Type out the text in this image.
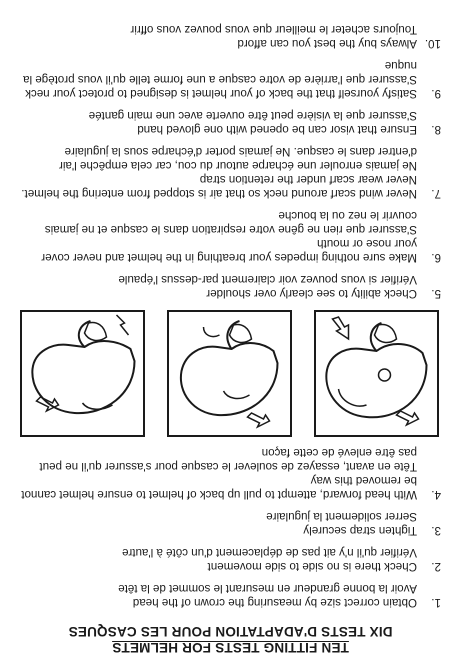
TEN FITTING TESTS FOR HELMETS
DIX TESTS D'ADAPTATION POUR LES CASQUES
1.
Obtain correct size by measuring the crown of the head
Avoir la bonne grandeur en mesurant le sommet de la tête
2.
Check there is no side to side movement
Vérifier qu'il n'y ait pas de déplacement d'un côté à l'autre
3.
Tighten strap securely
Serrer solidement la jugulaire
4.
With head forward, attempt to pull up back of helmet to ensure helmet cannot be removed this way
Tête en avant, essayez de soulever le casque pour s'assurer qu'il ne peut pas être enlevé de cette façon
5.
Check ability to see clearly over shoulder
Vérifier si vous pouvez voir clairement par-dessus l'épaule
6.
Make sure nothing impedes your breathing in the helmet and never cover your nose or mouth
S'assurer que rien ne gêne votre respiration dans le casque et ne jamais couvrir le nez ou la bouche
7.
Never wind scarf around neck so that air is stopped from entering the helmet. Never wear scarf under the retention strap
Ne jamais enrouler une écharpe autour du cou, car cela empêche l'air d'entrer dans le casque. Ne jamais porter d'écharpe sous la jugulaire
8.
Ensure that visor can be opened with one gloved hand
S'assurer que la visière peut être ouverte avec une main gantée
9.
Satisfy yourself that the back of your helmet is designed to protect your neck
S'assurer que l'arrière de votre casque a une forme telle qu'il vous protège la nuque
10.
Always buy the best you can afford
Toujours acheter le meilleur que vous pouvez vous offrir
